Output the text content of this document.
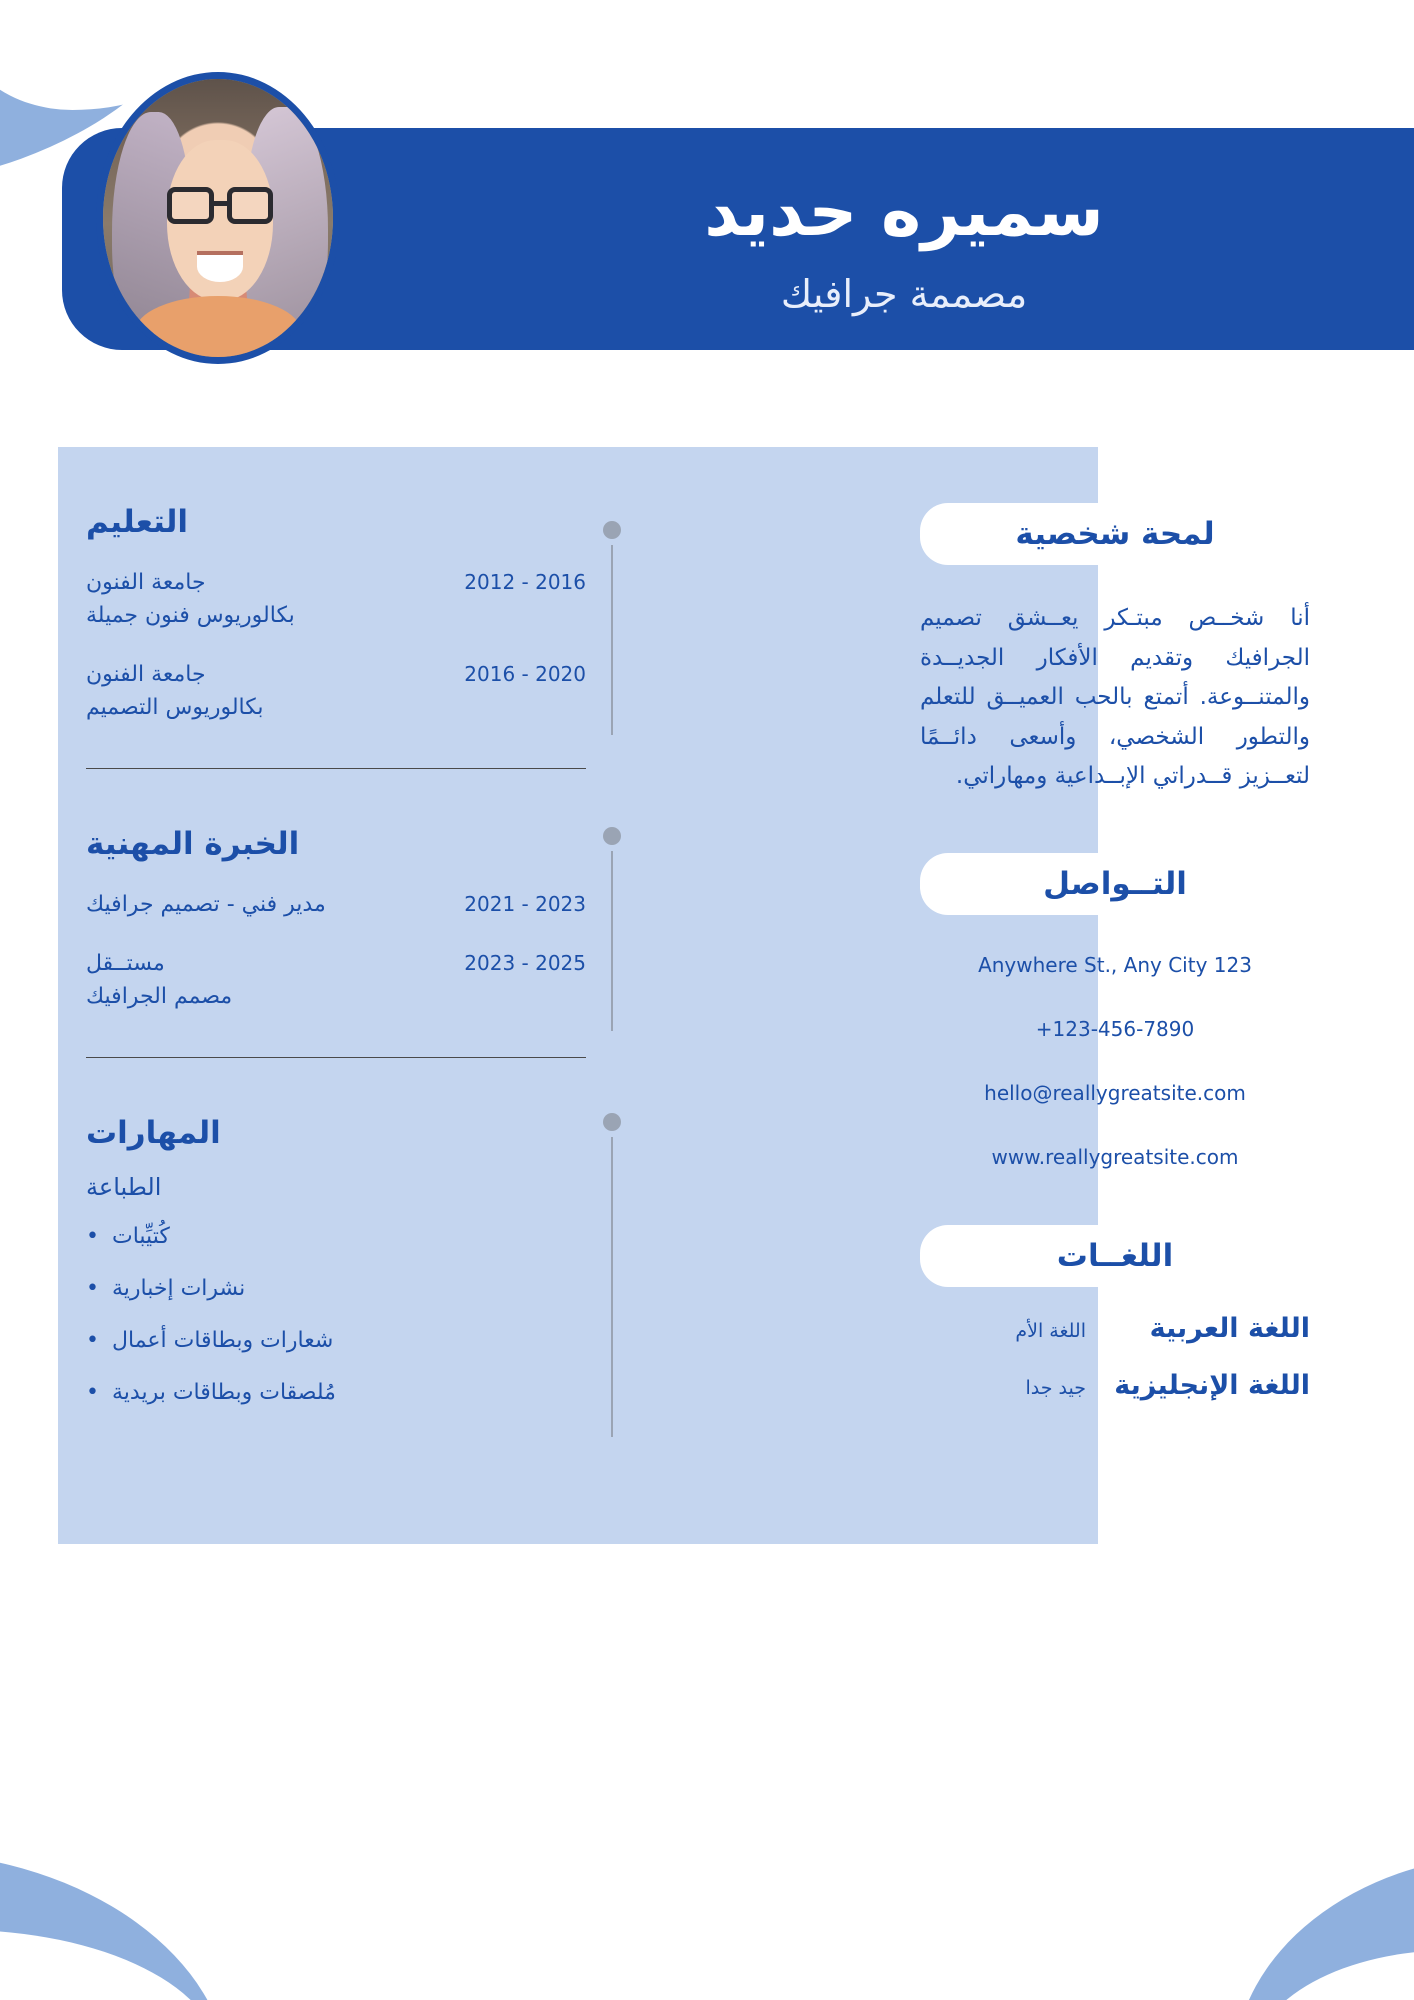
سميره حديد
مصممة جرافيك
لمحة شخصية
أنا شخــص مبتـكر يعــشق تصميم الجرافيك وتقديم الأفكار الجديــدة والمتنــوعة. أتمتع بالحب العميــق للتعلم والتطور الشخصي، وأسعى دائــمًا لتعــزيز قــدراتي الإبــداعية ومهاراتي.
التــواصل
Anywhere St., Any City 123
+123-456-7890
hello@reallygreatsite.com
www.reallygreatsite.com
اللغــات
اللغة العربية
اللغة الأم
اللغة الإنجليزية
جيد جدا
التعليم
2012 - 2016
جامعة الفنون
بكالوريوس فنون جميلة
2016 - 2020
جامعة الفنون
بكالوريوس التصميم
الخبرة المهنية
2021 - 2023
مدير فني - تصميم جرافيك
2023 - 2025
مستــقل
مصمم الجرافيك
المهارات
الطباعة
كُتيِّبات •
نشرات إخبارية •
شعارات وبطاقات أعمال •
مُلصقات وبطاقات بريدية •
